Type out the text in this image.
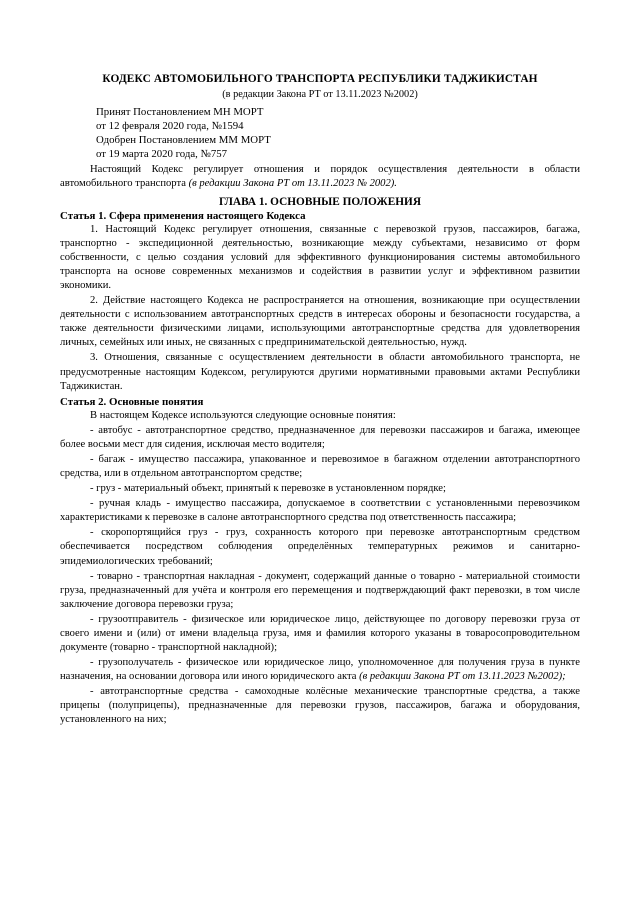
КОДЕКС АВТОМОБИЛЬНОГО ТРАНСПОРТА РЕСПУБЛИКИ ТАДЖИКИСТАН
(в редакции Закона РТ от 13.11.2023 №2002)
Принят Постановлением МН МОРТ
от 12 февраля 2020 года, №1594
Одобрен Постановлением ММ МОРТ
от 19 марта 2020 года, №757
Настоящий Кодекс регулирует отношения и порядок осуществления деятельности в области автомобильного транспорта (в редакции Закона РТ от 13.11.2023 № 2002).
ГЛАВА 1. ОСНОВНЫЕ ПОЛОЖЕНИЯ
Статья 1. Сфера применения настоящего Кодекса
1. Настоящий Кодекс регулирует отношения, связанные с перевозкой грузов, пассажиров, багажа, транспортно - экспедиционной деятельностью, возникающие между субъектами, независимо от форм собственности, с целью создания условий для эффективного функционирования системы автомобильного транспорта на основе современных механизмов и содействия в развитии услуг и эффективном развитии экономики.
2. Действие настоящего Кодекса не распространяется на отношения, возникающие при осуществлении деятельности с использованием автотранспортных средств в интересах обороны и безопасности государства, а также деятельности физическими лицами, использующими автотранспортные средства для удовлетворения личных, семейных или иных, не связанных с предпринимательской деятельностью, нужд.
3. Отношения, связанные с осуществлением деятельности в области автомобильного транспорта, не предусмотренные настоящим Кодексом, регулируются другими нормативными правовыми актами Республики Таджикистан.
Статья 2. Основные понятия
В настоящем Кодексе используются следующие основные понятия:
- автобус - автотранспортное средство, предназначенное для перевозки пассажиров и багажа, имеющее более восьми мест для сидения, исключая место водителя;
- багаж - имущество пассажира, упакованное и перевозимое в багажном отделении автотранспортного средства, или в отдельном автотранспортом средстве;
- груз - материальный объект, принятый к перевозке в установленном порядке;
- ручная кладь - имущество пассажира, допускаемое в соответствии с установленными перевозчиком характеристиками к перевозке в салоне автотранспортного средства под ответственность пассажира;
- скоропортящийся груз - груз, сохранность которого при перевозке автотранспортным средством обеспечивается посредством соблюдения определённых температурных режимов и санитарно-эпидемиологических требований;
- товарно - транспортная накладная - документ, содержащий данные о товарно - материальной стоимости груза, предназначенный для учёта и контроля его перемещения и подтверждающий факт перевозки, в том числе заключение договора перевозки груза;
- грузоотправитель - физическое или юридическое лицо, действующее по договору перевозки груза от своего имени и (или) от имени владельца груза, имя и фамилия которого указаны в товаросопроводительном документе (товарно - транспортной накладной);
- грузополучатель - физическое или юридическое лицо, уполномоченное для получения груза в пункте назначения, на основании договора или иного юридического акта (в редакции Закона РТ от 13.11.2023 №2002);
- автотранспортные средства - самоходные колёсные механические транспортные средства, а также прицепы (полуприцепы), предназначенные для перевозки грузов, пассажиров, багажа и оборудования, установленного на них;
